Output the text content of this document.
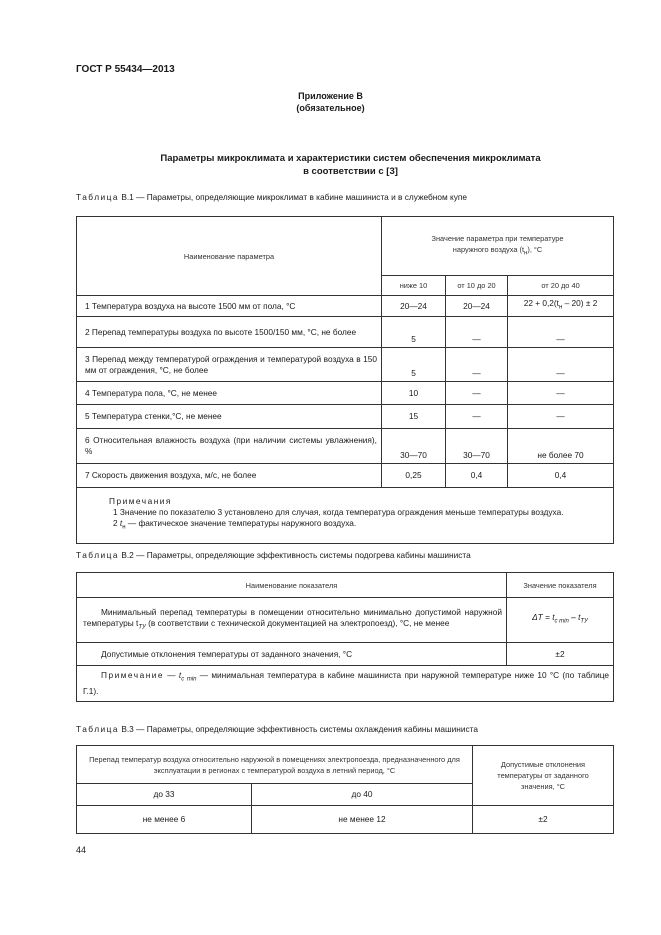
ГОСТ Р 55434—2013
Приложение В
(обязательное)
Параметры микроклимата и характеристики систем обеспечения микроклимата
в соответствии с [3]
Таблица В.1 — Параметры, определяющие микроклимат в кабине машиниста и в служебном купе
Наименование параметра	Значение параметра при температуре
наружного воздуха $(t_н)$, °С		
	ниже 10	от 10 до 20	от 20 до 40
1 Температура воздуха на высоте 1500 мм от пола, °С	20—24	20—24	$22 + 0,2(t_н - 20) \pm 2$
2 Перепад температуры воздуха по высоте 1500/150 мм, °С, не более	5	—	—
3 Перепад между температурой ограждения и температурой воздуха в 150 мм от ограждения, °С, не более	5	—	—
4 Температура пола, °С, не менее	10	—	—
5 Температура стенки,°С, не менее	15	—	—
6 Относительная влажность воздуха (при наличии системы увлажнения), %	30—70	30—70	не более 70
7 Скорость движения воздуха, м/с, не более	0,25	0,4	0,4

Примечания
1 Значение по показателю 3 установлено для случая, когда температура ограждения меньше температуры воздуха.
2 $t_н$ — фактическое значение температуры наружного воздуха.			
Таблица В.2 — Параметры, определяющие эффективность системы подогрева кабины машиниста
Наименование показателя	Значение показателя
Минимальный перепад температуры в помещении относительно минимально допустимой наружной температуры $t_{TУ}$ (в соответствии с технической документацией на электропоезд), °С, не менее	$\Delta T = t_{c min} - t_{TУ}$
Допустимые отклонения температуры от заданного значения, °С	±2
Примечание — $t_{c min}$ — минимальная температура в кабине машиниста при наружной температуре ниже 10 °С (по таблице Г.1).	
Таблица В.3 — Параметры, определяющие эффективность системы охлаждения кабины машиниста
Перепад температур воздуха относительно наружной в помещениях электропоезда, предназначенного для эксплуатации в регионах с температурой воздуха в летний период, °С		Допустимые отклонения температуры от заданного значения, °С
до 33	до 40	
не менее 6	не менее 12	±2
44
